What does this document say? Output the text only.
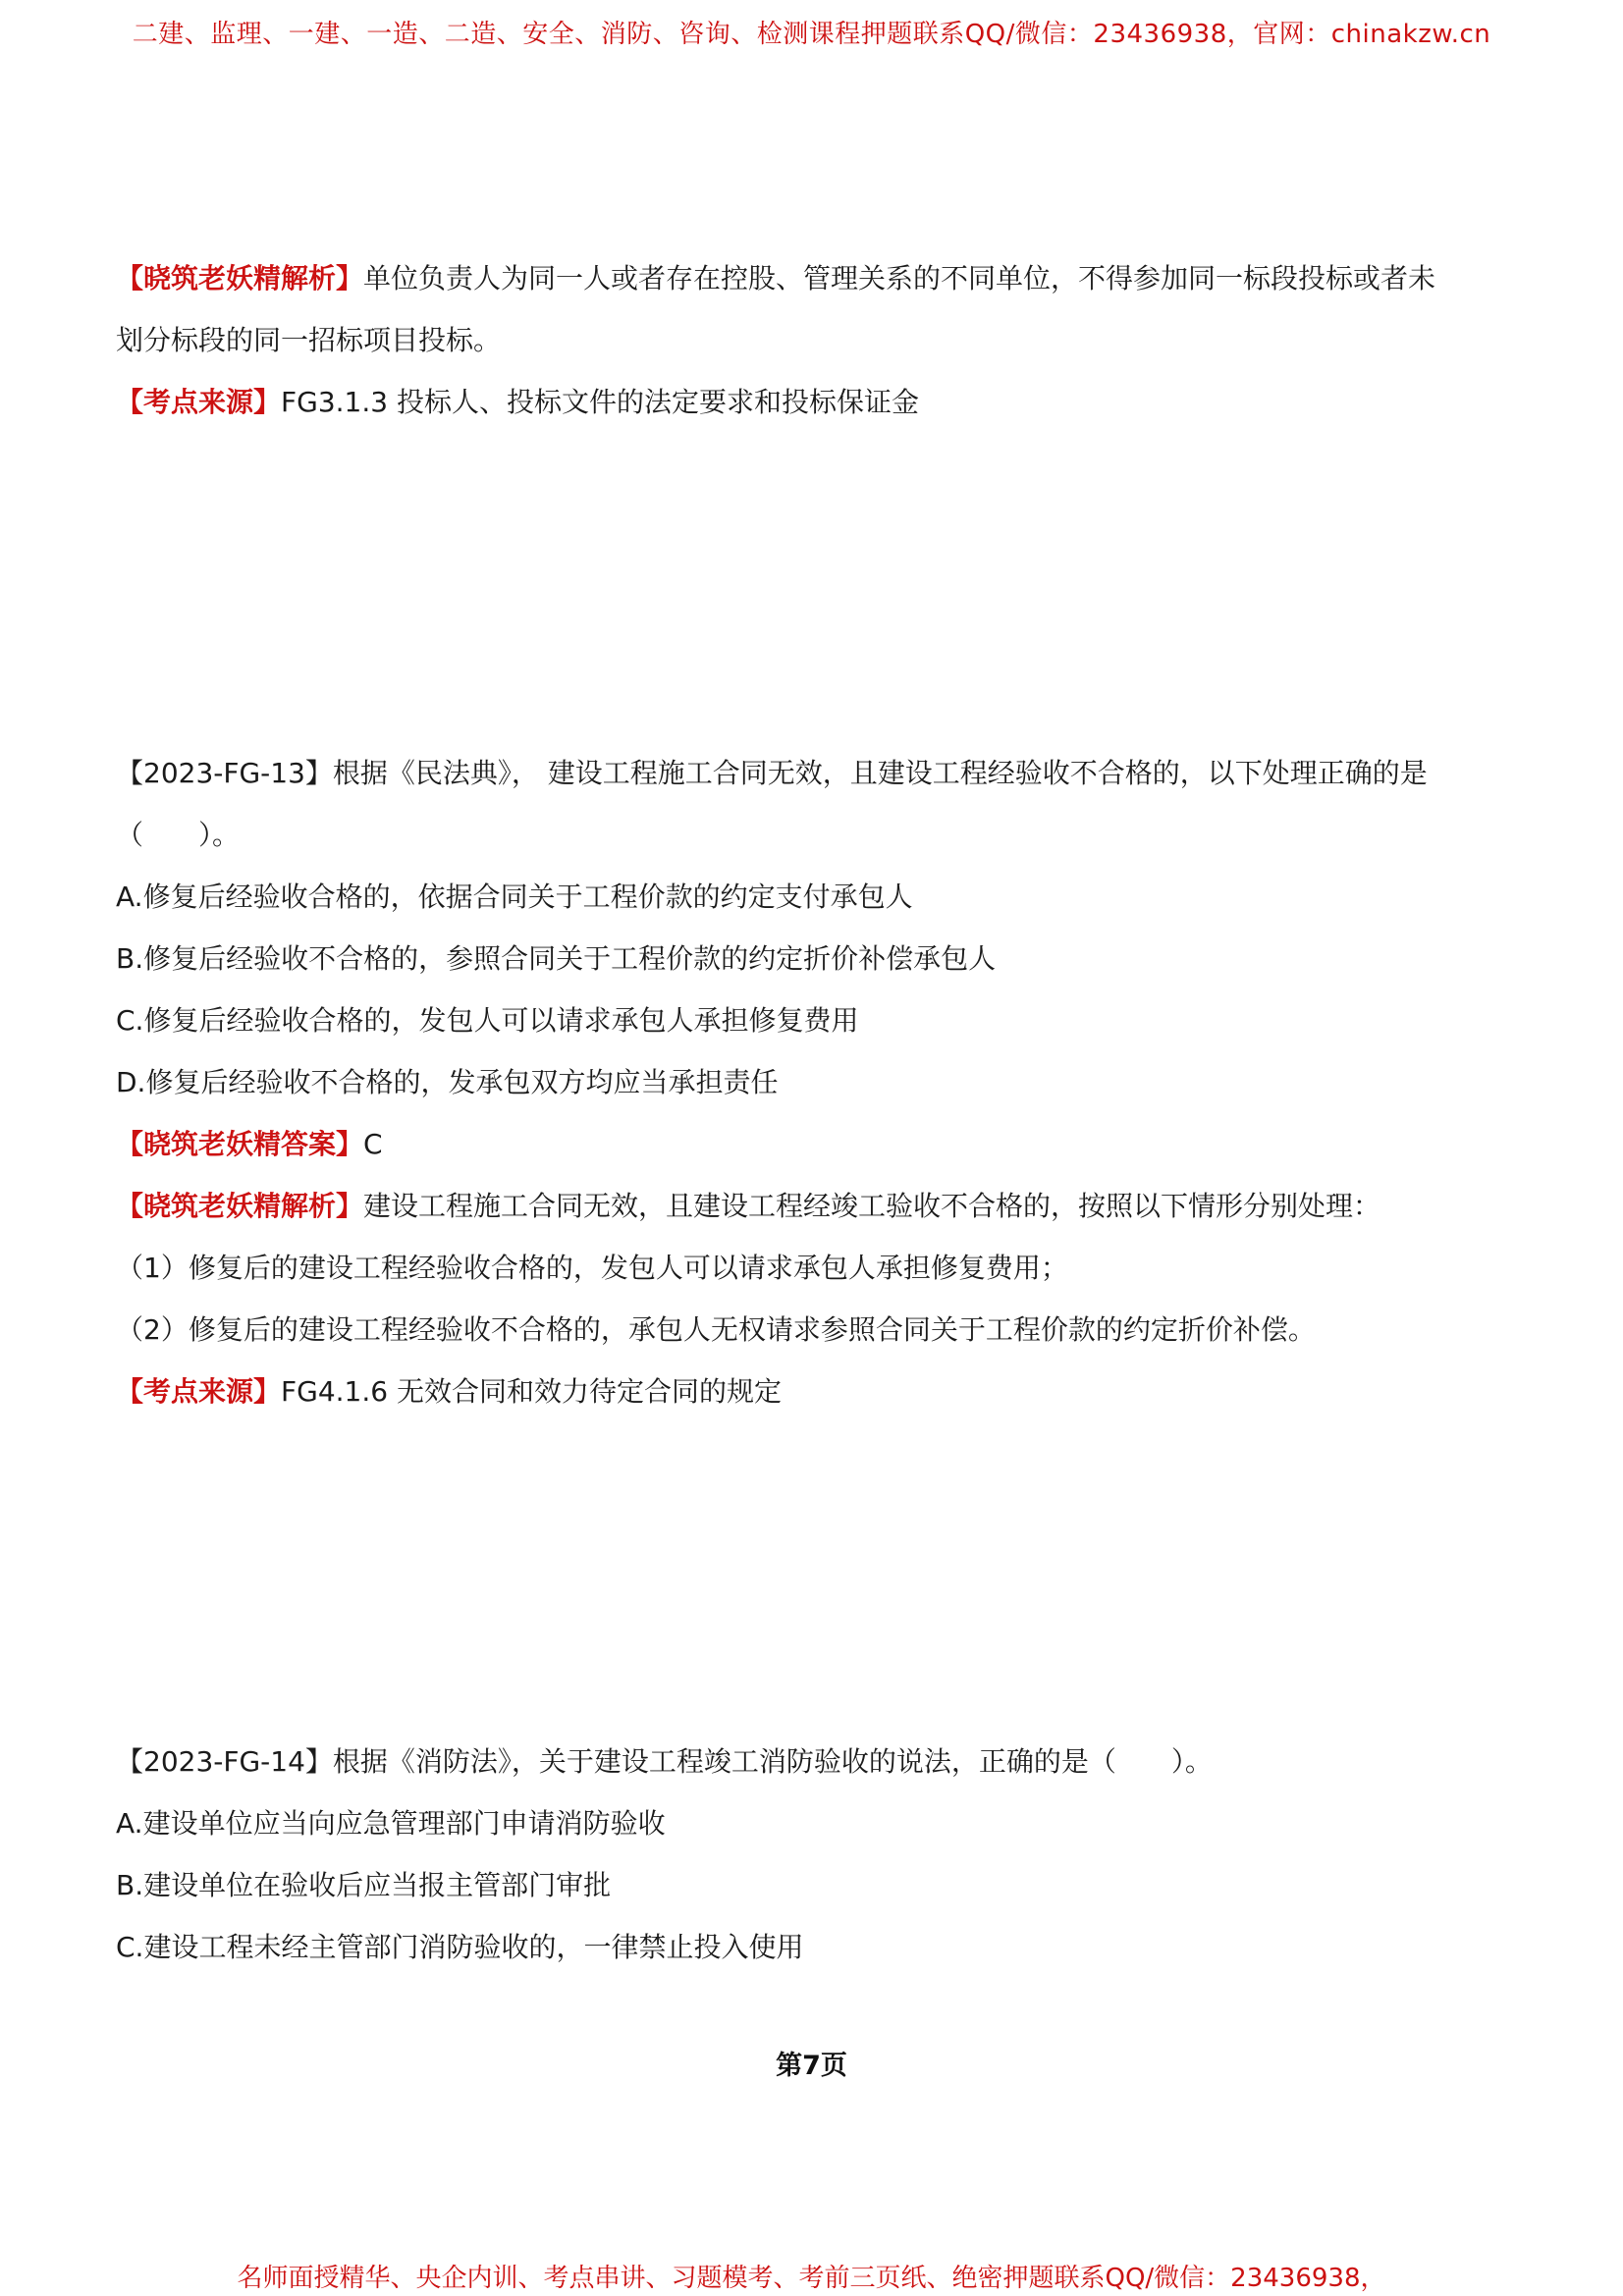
二建、监理、一建、一造、二造、安全、消防、咨询、检测课程押题联系QQ/微信：23436938，官网：chinakzw.cn
【晓筑老妖精解析】单位负责人为同一人或者存在控股、管理关系的不同单位，不得参加同一标段投标或者未
划分标段的同一招标项目投标。
【考点来源】FG3.1.3 投标人、投标文件的法定要求和投标保证金
【2023-FG-13】根据《民法典》， 建设工程施工合同无效，且建设工程经验收不合格的，以下处理正确的是
（　　）。
A.修复后经验收合格的，依据合同关于工程价款的约定支付承包人
B.修复后经验收不合格的，参照合同关于工程价款的约定折价补偿承包人
C.修复后经验收合格的，发包人可以请求承包人承担修复费用
D.修复后经验收不合格的，发承包双方均应当承担责任
【晓筑老妖精答案】C
【晓筑老妖精解析】建设工程施工合同无效，且建设工程经竣工验收不合格的，按照以下情形分别处理：
（1）修复后的建设工程经验收合格的，发包人可以请求承包人承担修复费用；
（2）修复后的建设工程经验收不合格的，承包人无权请求参照合同关于工程价款的约定折价补偿。
【考点来源】FG4.1.6 无效合同和效力待定合同的规定
【2023-FG-14】根据《消防法》，关于建设工程竣工消防验收的说法，正确的是（　　）。
A.建设单位应当向应急管理部门申请消防验收
B.建设单位在验收后应当报主管部门审批
C.建设工程未经主管部门消防验收的，一律禁止投入使用
第7页
名师面授精华、央企内训、考点串讲、习题模考、考前三页纸、绝密押题联系QQ/微信：23436938，
